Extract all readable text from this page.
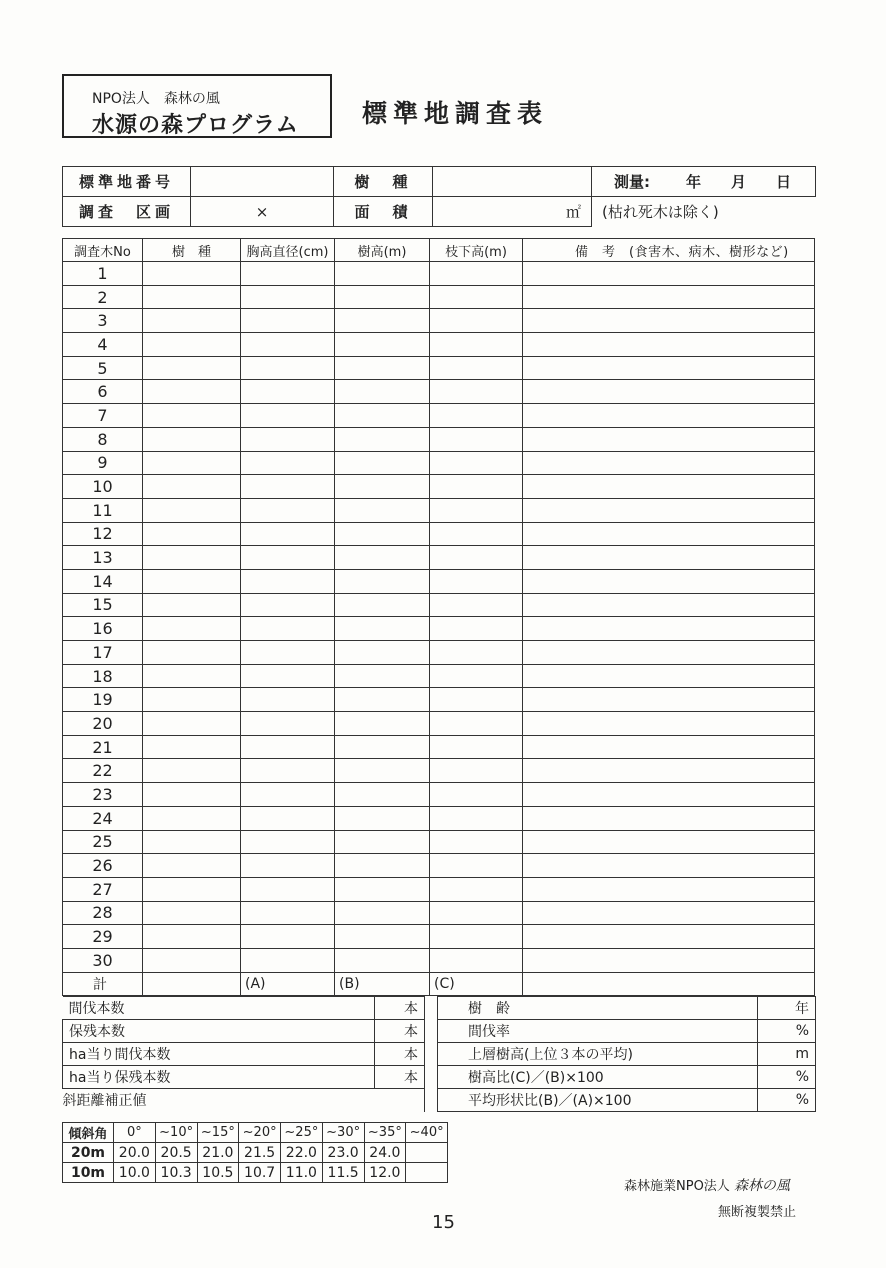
NPO法人　森林の風
水源の森プログラム	標準地調査表
標準地番号		樹　種		測量: 年 月 日
調査　区画	×	面　積	㎡	(枯れ死木は除く)
調査木No	樹　種	胸高直径(cm)	樹高(m)	枝下高(m)	備　考　(食害木、病木、樹形など)
1					
2					
3					
4					
5					
6					
7					
8					
9					
10					
11					
12					
13					
14					
15					
16					
17					
18					
19					
20					
21					
22					
23					
24					
25					
26					
27					
28					
29					
30					
計		(A)	(B)	(C)	
間伐本数	本		樹　齢	年
保残本数	本		間伐率	%
ha当り間伐本数	本		上層樹高(上位３本の平均)	m
ha当り保残本数	本		樹高比(C)／(B)×100	%
斜距離補正値			平均形状比(B)／(A)×100	%
傾斜角	0°	~10°	~15°	~20°	~25°	~30°	~35°	~40°
20m	20.0	20.5	21.0	21.5	22.0	23.0	24.0	
10m	10.0	10.3	10.5	10.7	11.0	11.5	12.0	
森林施業NPO法人 森林の風
無断複製禁止
15
